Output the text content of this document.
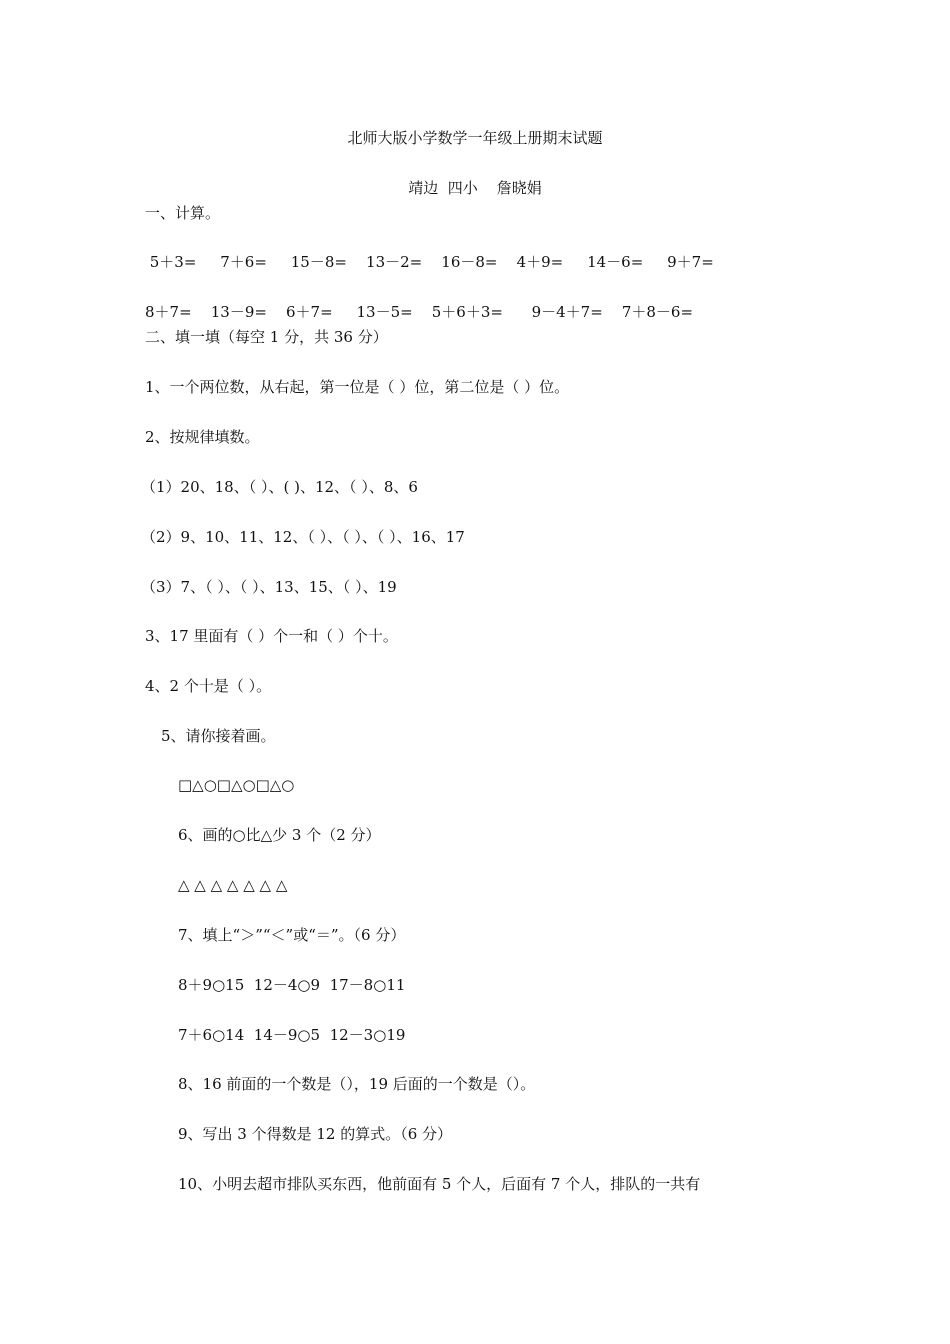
北师大版小学数学一年级上册期末试题

靖边  四小    詹晓娟

一、计算。

5＋3=     7＋6=     15－8=    13－2=    16－8=    4＋9=     14－6=     9＋7=

8＋7=    13－9=    6＋7=     13－5=    5＋6＋3=      9－4＋7=    7＋8－6=

二、填一填（每空 1 分，共 36 分）

1、一个两位数，从右起，第一位是（ ）位，第二位是（ ）位。

2、按规律填数。

（1）20、18、（ ）、( )、12、（ ）、8、6

（2）9、10、11、12、（ ）、（ ）、（ ）、16、17

（3）7、（ ）、（ ）、13、15、（ ）、19

3、17 里面有（ ）个一和（ ）个十。

4、2 个十是（ ）。

5、请你接着画。

□△○□△○□△○

6、画的○比△少 3 个（2 分）

△ △ △ △ △ △ △

7、填上“＞”“＜”或“＝”。（6 分）

8＋9○15  12－4○9  17－8○11

7＋6○14  14－9○5  12－3○19

8、16 前面的一个数是（），19 后面的一个数是（）。

9、写出 3 个得数是 12 的算式。（6 分）

10、小明去超市排队买东西，他前面有 5 个人，后面有 7 个人，排队的一共有
